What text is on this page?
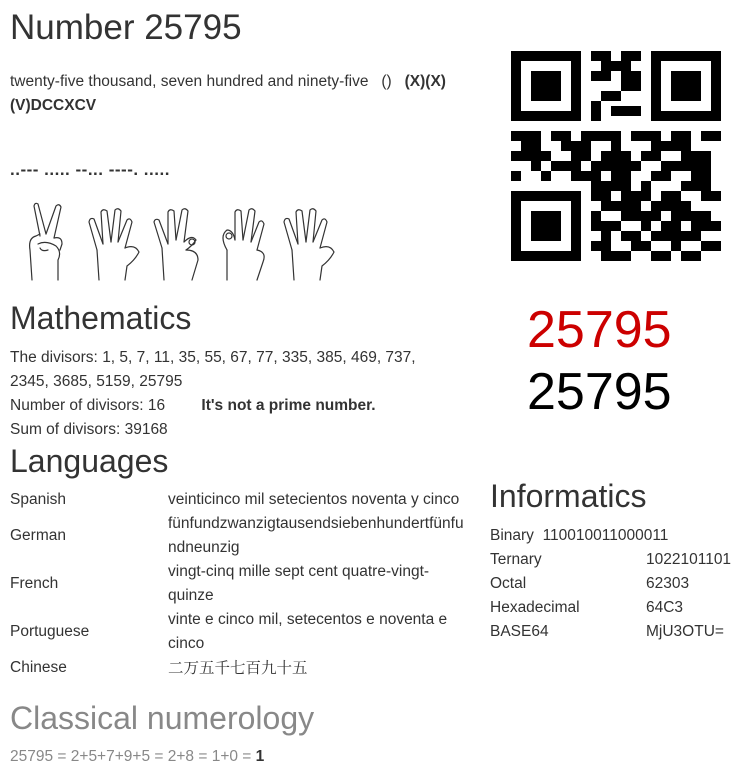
Number 25795
twenty-five thousand, seven hundred and ninety-five () (X)(X)(V)DCCXCV
..--- ..... --... ----. .....
25795
25795
Mathematics
The divisors: 1, 5, 7, 11, 35, 55, 67, 77, 335, 385, 469, 737, 2345, 3685, 5159, 25795
Number of divisors: 16 It's not a prime number.
Sum of divisors: 39168
Languages
Spanish	veinticinco mil setecientos noventa y cinco
German	fünfundzwanzigtausendsiebenhundertfünfundneunzig
French	vingt-cinq mille sept cent quatre-vingt-quinze
Portuguese	vinte e cinco mil, setecentos e noventa e cinco
Chinese	二万五千七百九十五
Informatics
Binary 110010011000011	
Ternary	1022101101
Octal	62303
Hexadecimal	64C3
BASE64	MjU3OTU=
Classical numerology
25795 = 2+5+7+9+5 = 2+8 = 1+0 = 1
